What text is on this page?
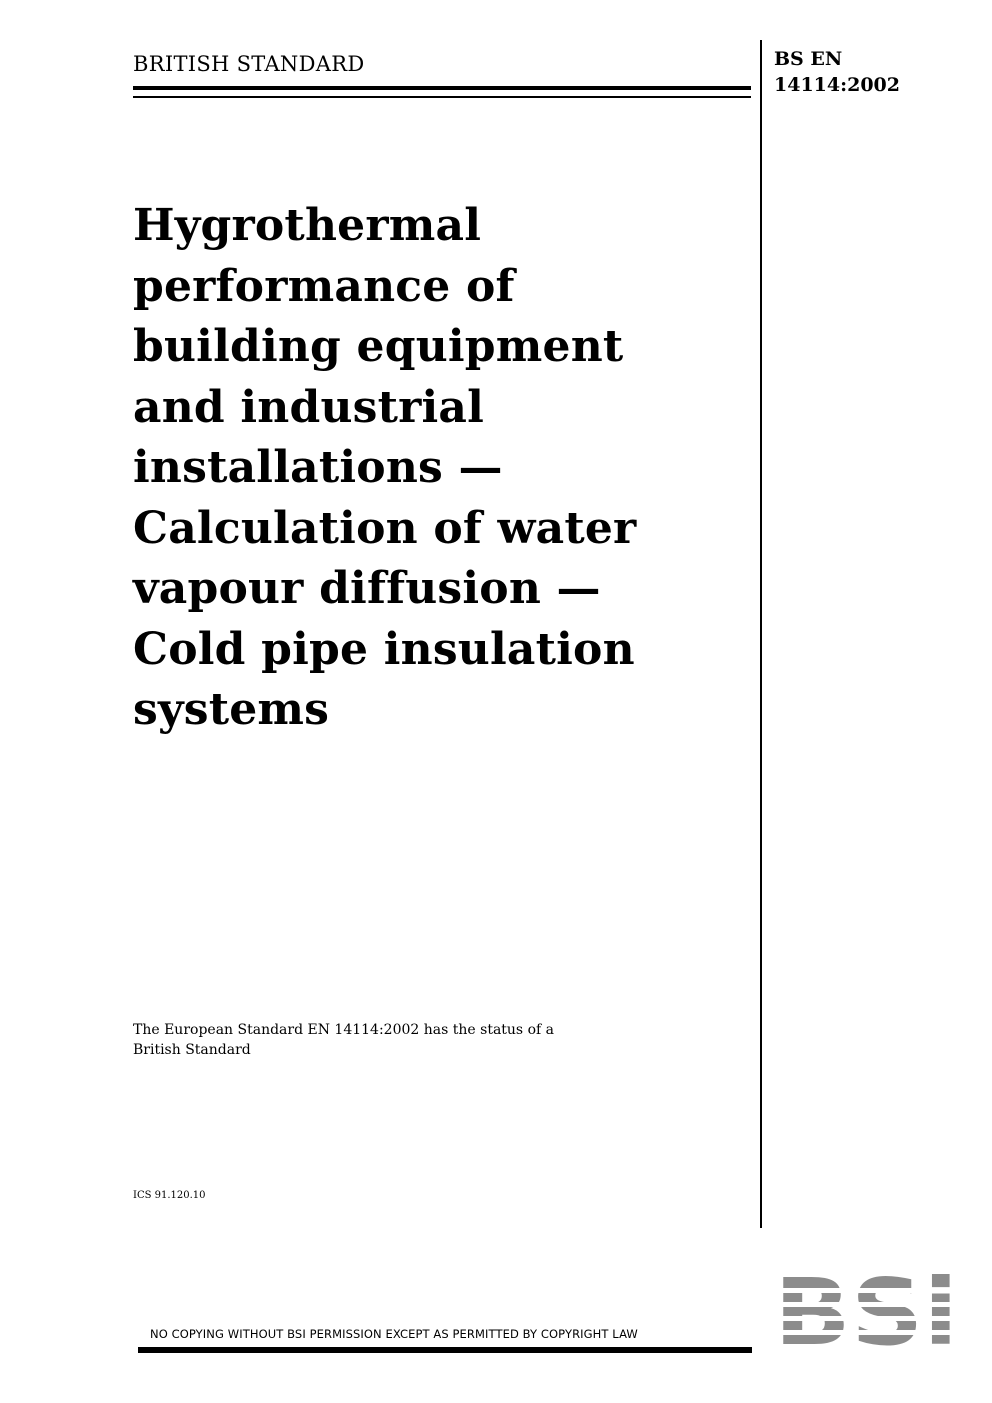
BRITISH STANDARD	BS EN
14114:2002
Hygrothermal
performance of
building equipment
and industrial
installations —
Calculation of water
vapour diffusion —
Cold pipe insulation
systems
The European Standard EN 14114:2002 has the status of a
British Standard
ICS 91.120.10
NO COPYING WITHOUT BSI PERMISSION EXCEPT AS PERMITTED BY COPYRIGHT LAW
